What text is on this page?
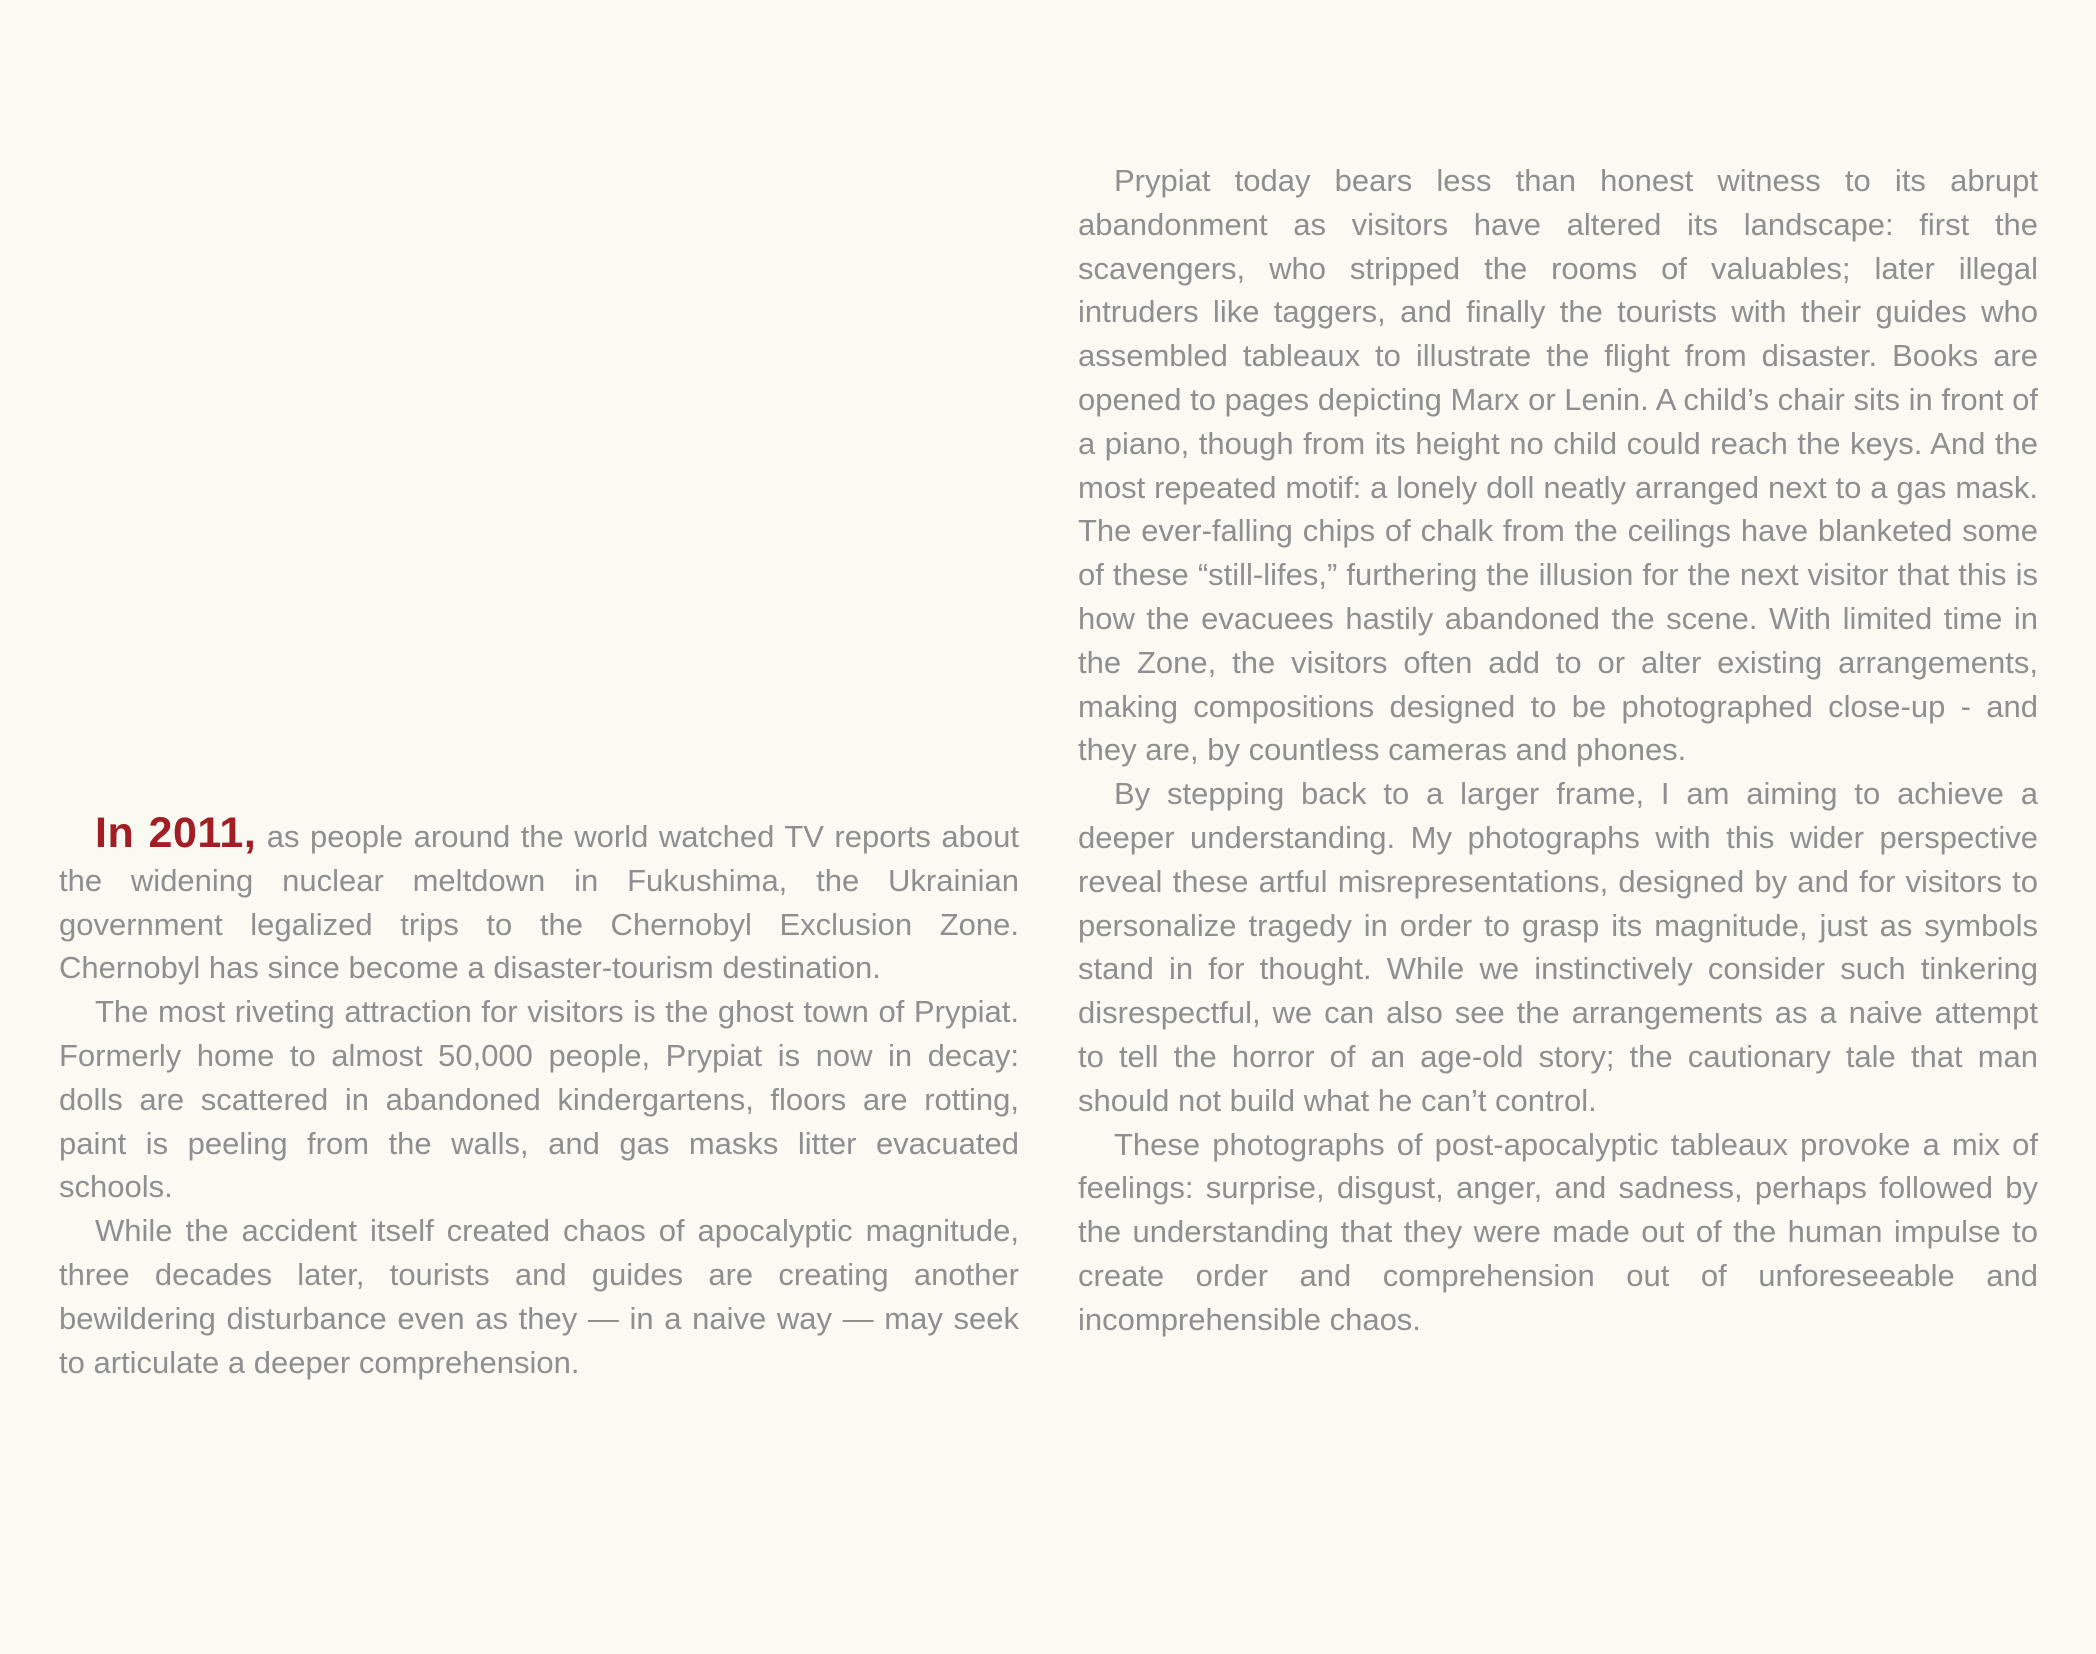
In 2011, as people around the world watched TV reports about the widening nuclear meltdown in Fukushima, the Ukrainian government legalized trips to the Chernobyl Exclusion Zone. Chernobyl has since become a disaster-tourism destination.

The most riveting attraction for visitors is the ghost town of Prypiat. Formerly home to almost 50,000 people, Prypiat is now in decay: dolls are scattered in abandoned kindergartens, floors are rotting, paint is peeling from the walls, and gas masks litter evacuated schools.

While the accident itself created chaos of apocalyptic magnitude, three decades later, tourists and guides are creating another bewildering disturbance even as they — in a naive way — may seek to articulate a deeper comprehension.

Prypiat today bears less than honest witness to its abrupt abandonment as visitors have altered its landscape: first the scavengers, who stripped the rooms of valuables; later illegal intruders like taggers, and finally the tourists with their guides who assembled tableaux to illustrate the flight from disaster. Books are opened to pages depicting Marx or Lenin. A child’s chair sits in front of a piano, though from its height no child could reach the keys. And the most repeated motif: a lonely doll neatly arranged next to a gas mask. The ever-falling chips of chalk from the ceilings have blanketed some of these “still-lifes,” furthering the illusion for the next visitor that this is how the evacuees hastily abandoned the scene. With limited time in the Zone, the visitors often add to or alter existing arrangements, making compositions designed to be photographed close-up - and they are, by countless cameras and phones.

By stepping back to a larger frame, I am aiming to achieve a deeper understanding. My photographs with this wider perspective reveal these artful misrepresentations, designed by and for visitors to personalize tragedy in order to grasp its magnitude, just as symbols stand in for thought. While we instinctively consider such tinkering disrespectful, we can also see the arrangements as a naive attempt to tell the horror of an age-old story; the cautionary tale that man should not build what he can’t control.

These photographs of post-apocalyptic tableaux provoke a mix of feelings: surprise, disgust, anger, and sadness, perhaps followed by the understanding that they were made out of the human impulse to create order and comprehension out of unforeseeable and incomprehensible chaos.
